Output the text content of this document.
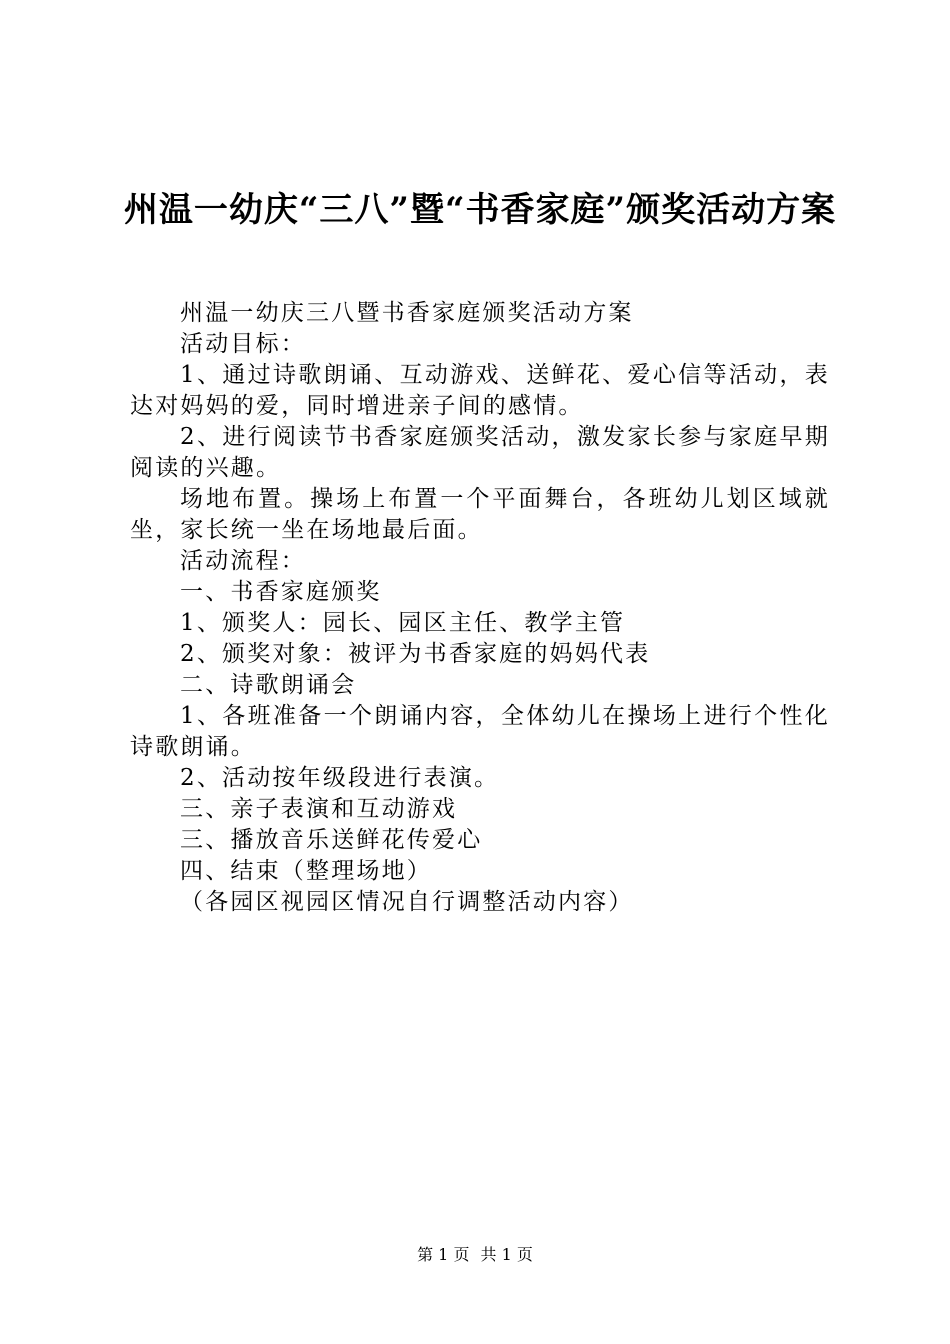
州温一幼庆“三八”暨“书香家庭”颁奖活动方案

州温一幼庆三八暨书香家庭颁奖活动方案

活动目标：

1、通过诗歌朗诵、互动游戏、送鲜花、爱心信等活动，表达对妈妈的爱，同时增进亲子间的感情。

2、进行阅读节书香家庭颁奖活动，激发家长参与家庭早期阅读的兴趣。

场地布置。操场上布置一个平面舞台，各班幼儿划区域就坐，家长统一坐在场地最后面。

活动流程：

一、书香家庭颁奖

1、颁奖人：园长、园区主任、教学主管

2、颁奖对象：被评为书香家庭的妈妈代表

二、诗歌朗诵会

1、各班准备一个朗诵内容，全体幼儿在操场上进行个性化诗歌朗诵。

2、活动按年级段进行表演。

三、亲子表演和互动游戏

三、播放音乐送鲜花传爱心

四、结束（整理场地）

（各园区视园区情况自行调整活动内容）

第 1 页 共 1 页
